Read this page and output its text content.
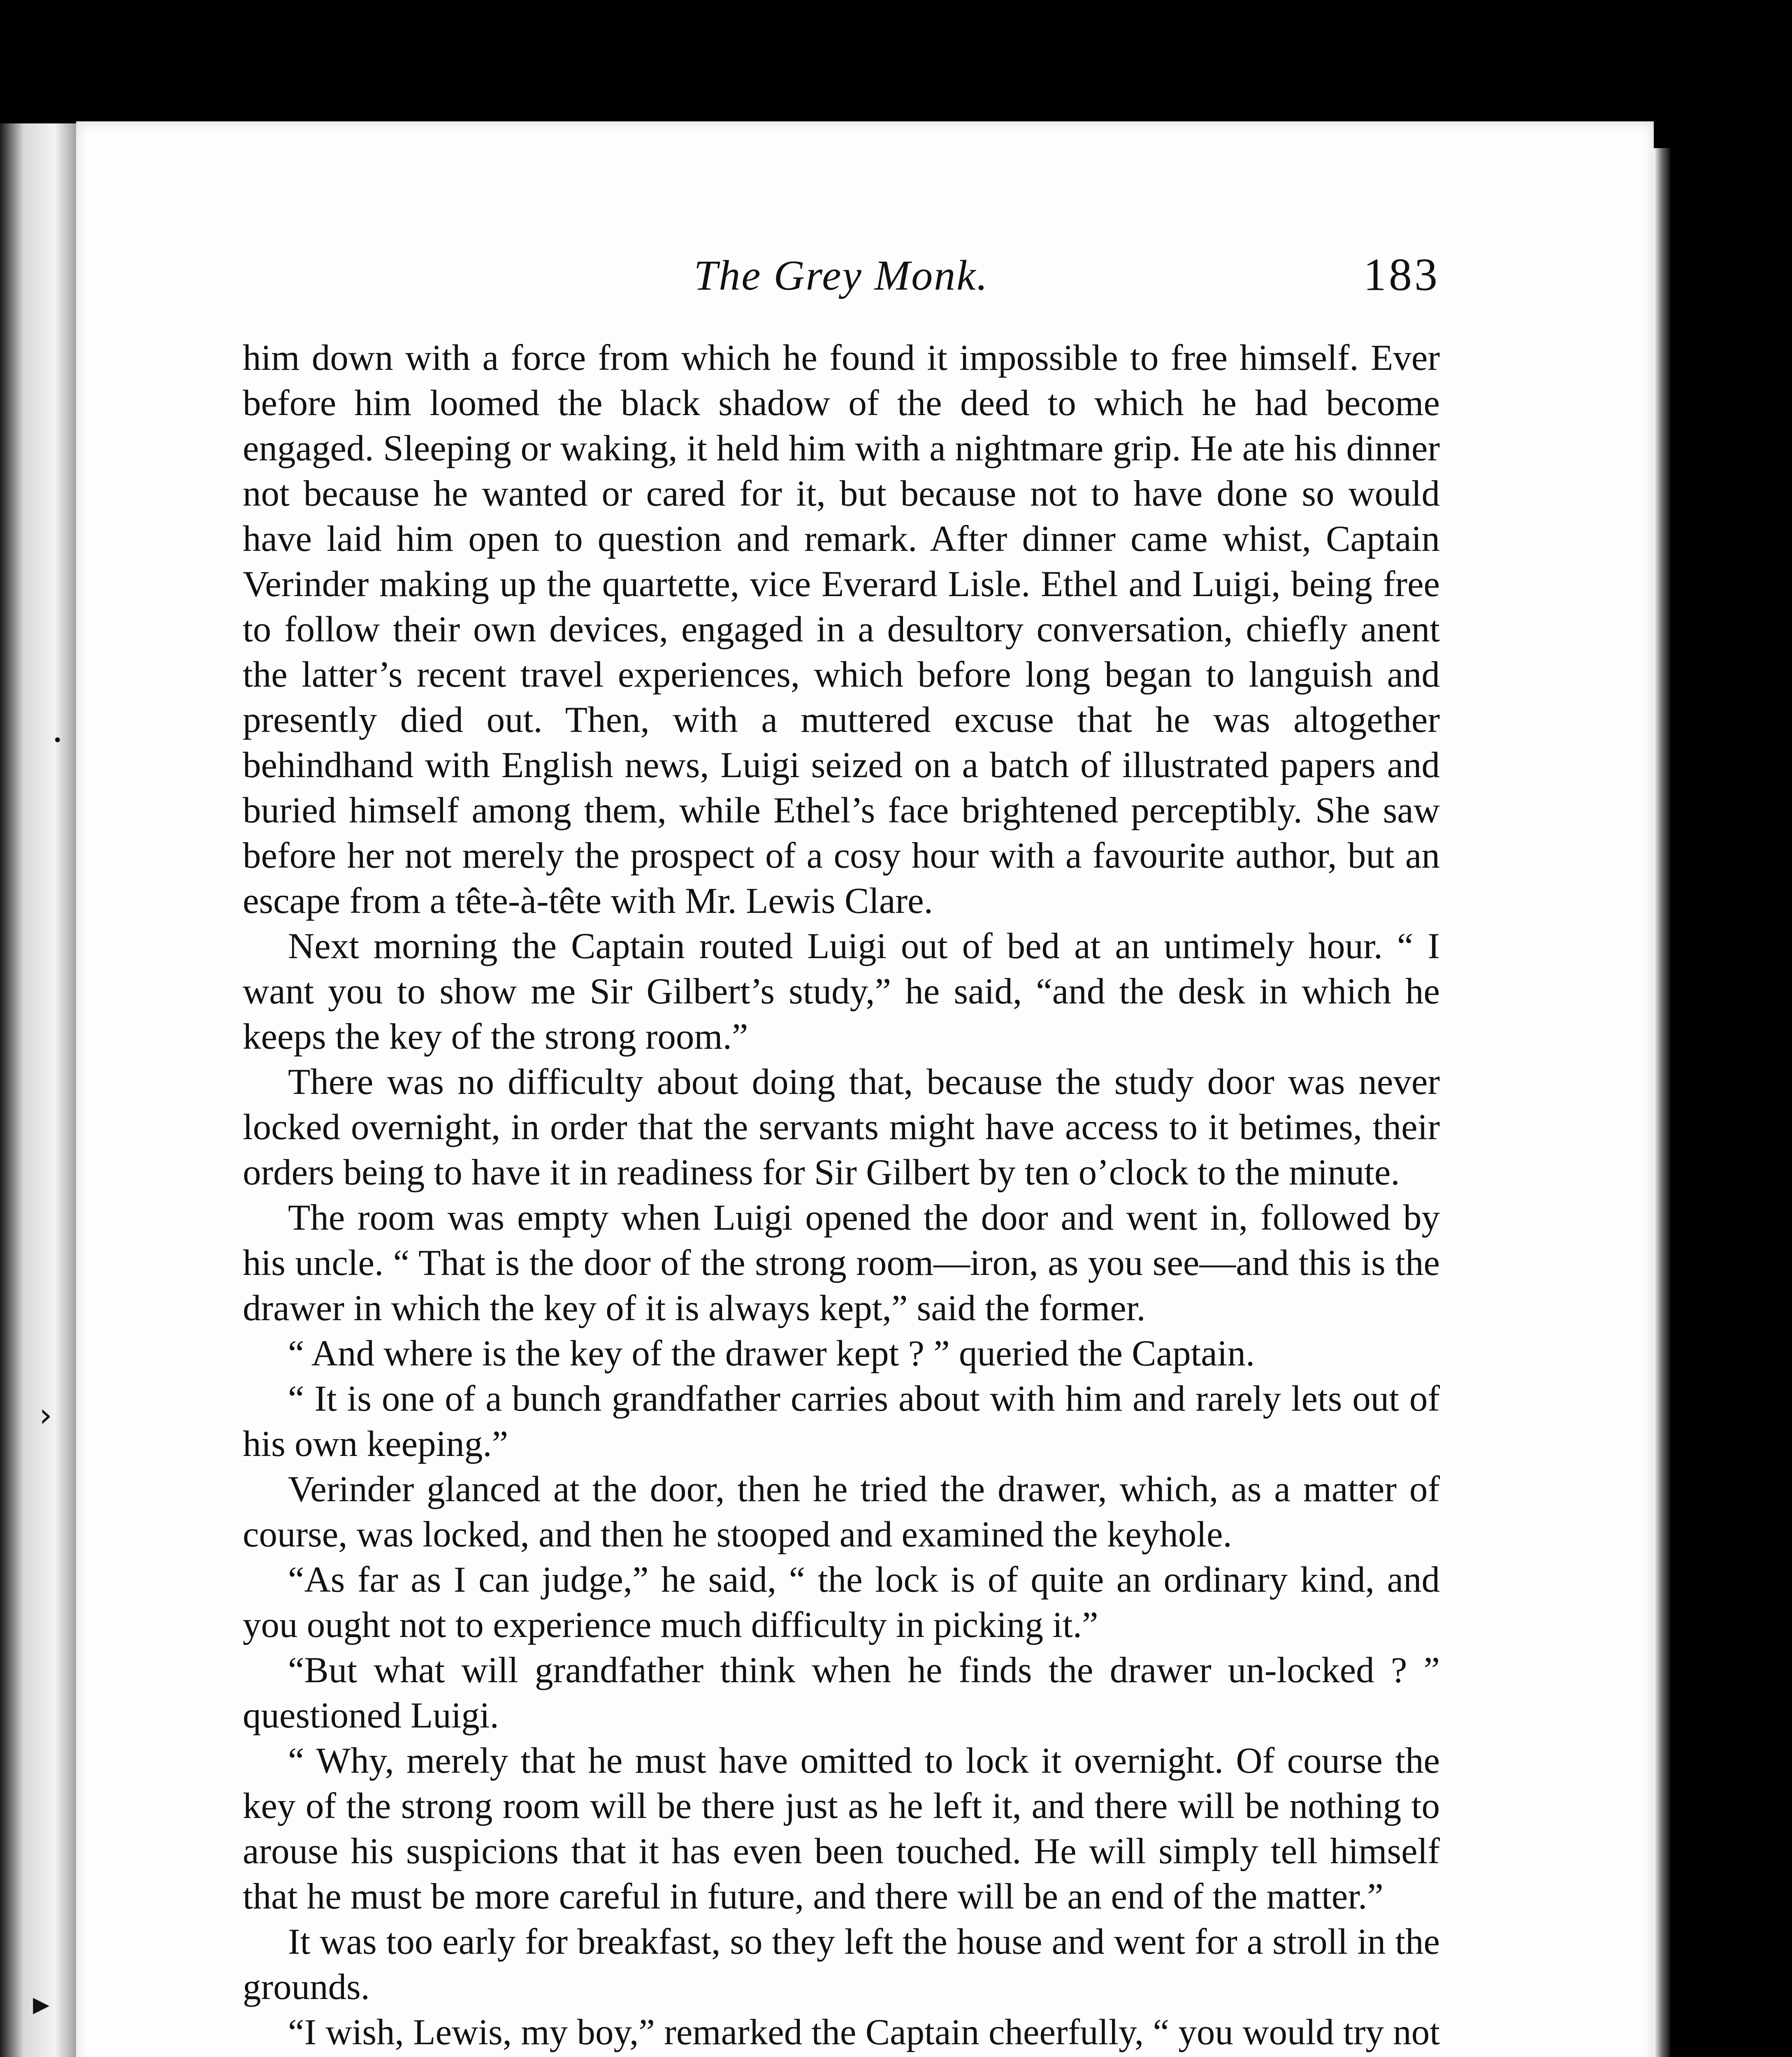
•
›
▸
The Grey Monk.	183

him down with a force from which he found it impossible to free himself. Ever before him loomed the black shadow of the deed to which he had become engaged. Sleeping or waking, it held him with a nightmare grip. He ate his dinner not because he wanted or cared for it, but because not to have done so would have laid him open to question and remark. After dinner came whist, Captain Verinder making up the quartette, vice Everard Lisle. Ethel and Luigi, being free to follow their own devices, engaged in a desultory conversation, chiefly anent the latter’s recent travel experiences, which before long began to languish and presently died out. Then, with a muttered excuse that he was altogether behindhand with English news, Luigi seized on a batch of illustrated papers and buried himself among them, while Ethel’s face brightened perceptibly. She saw before her not merely the prospect of a cosy hour with a favourite author, but an escape from a tête-à-tête with Mr. Lewis Clare.

Next morning the Captain routed Luigi out of bed at an untimely hour. “ I want you to show me Sir Gilbert’s study,” he said, “and the desk in which he keeps the key of the strong room.”

There was no difficulty about doing that, because the study door was never locked overnight, in order that the servants might have access to it betimes, their orders being to have it in readiness for Sir Gilbert by ten o’clock to the minute.

The room was empty when Luigi opened the door and went in, followed by his uncle. “ That is the door of the strong room—iron, as you see—and this is the drawer in which the key of it is always kept,” said the former.

“ And where is the key of the drawer kept ? ” queried the Captain.

“ It is one of a bunch grandfather carries about with him and rarely lets out of his own keeping.”

Verinder glanced at the door, then he tried the drawer, which, as a matter of course, was locked, and then he stooped and examined the keyhole.

“As far as I can judge,” he said, “ the lock is of quite an ordinary kind, and you ought not to experience much difficulty in picking it.”

“But what will grandfather think when he finds the drawer un-locked ? ” questioned Luigi.

“ Why, merely that he must have omitted to lock it overnight. Of course the key of the strong room will be there just as he left it, and there will be nothing to arouse his suspicions that it has even been touched. He will simply tell himself that he must be more careful in future, and there will be an end of the matter.”

It was too early for breakfast, so they left the house and went for a stroll in the grounds.

“I wish, Lewis, my boy,” remarked the Captain cheerfully, “ you would try not
